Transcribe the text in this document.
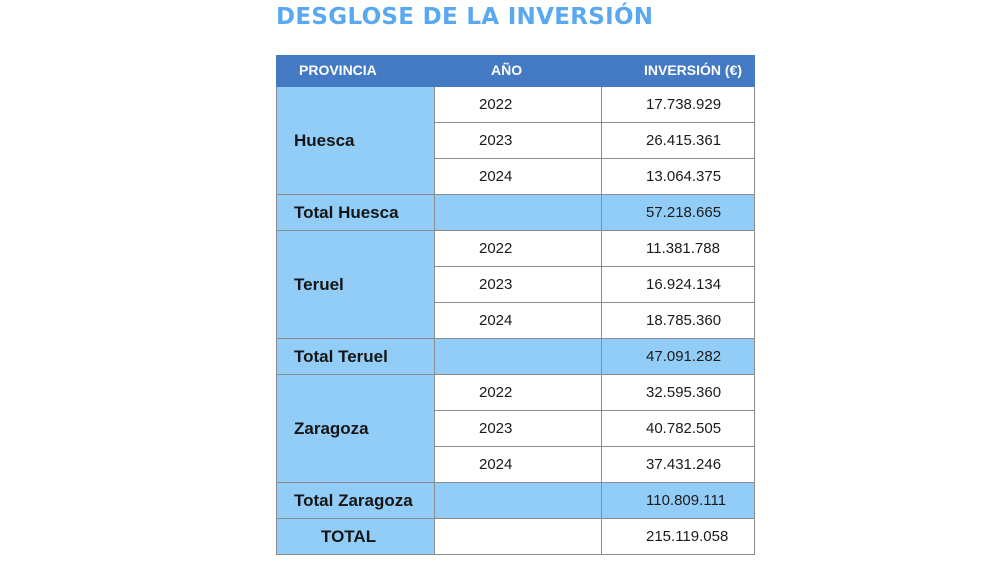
DESGLOSE DE LA INVERSIÓN
PROVINCIA	AÑO	INVERSIÓN (€)
Huesca	2022	17.738.929
	2023	26.415.361
	2024	13.064.375
Total Huesca		57.218.665
Teruel	2022	11.381.788
	2023	16.924.134
	2024	18.785.360
Total Teruel		47.091.282
Zaragoza	2022	32.595.360
	2023	40.782.505
	2024	37.431.246
Total Zaragoza		110.809.111
TOTAL		215.119.058
